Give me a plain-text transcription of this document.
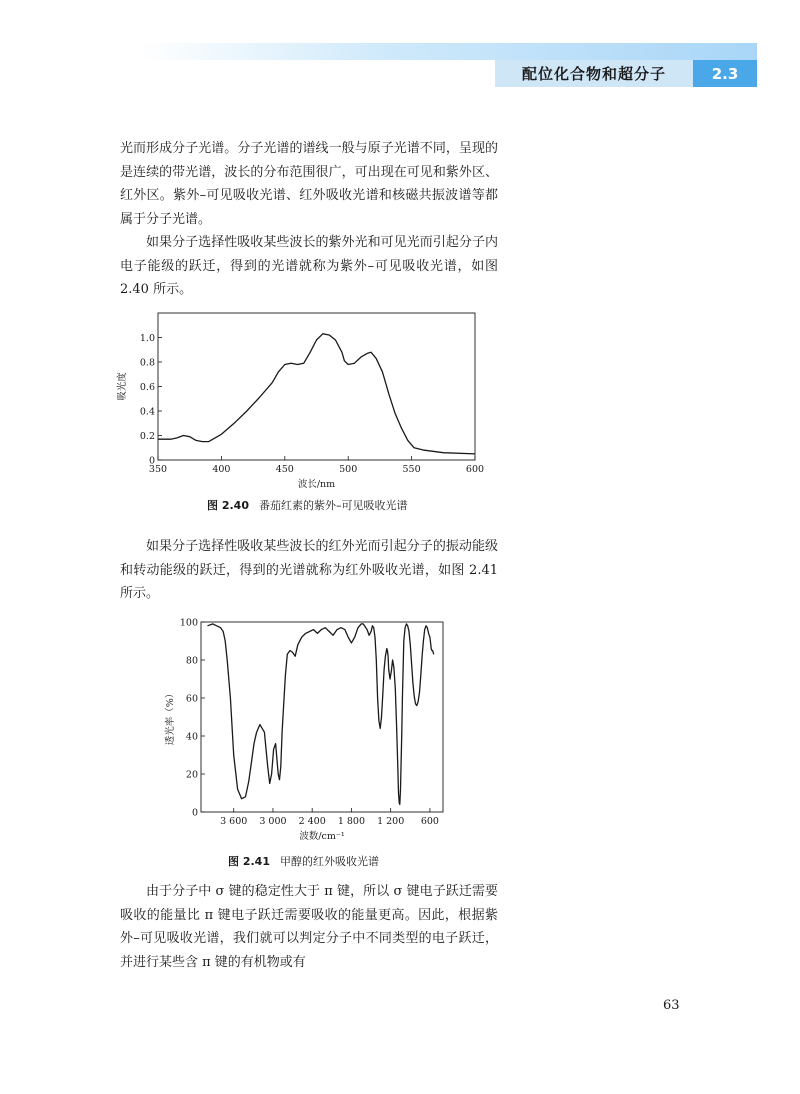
配位化合物和超分子	2.3

光而形成分子光谱。分子光谱的谱线一般与原子光谱不同，呈现的是连续的带光谱，波长的分布范围很广，可出现在可见和紫外区、红外区。紫外–可见吸收光谱、红外吸收光谱和核磁共振波谱等都属于分子光谱。

如果分子选择性吸收某些波长的紫外光和可见光而引起分子内电子能级的跃迁，得到的光谱就称为紫外–可见吸收光谱，如图 2.40 所示。

350	400	450	500	550	600
0
0.2
0.4
0.6
0.8
1.0
波长/nm
吸光度
图 2.40 番茄红素的紫外–可见吸收光谱

如果分子选择性吸收某些波长的红外光而引起分子的振动能级和转动能级的跃迁，得到的光谱就称为红外吸收光谱，如图 2.41 所示。

3 600 3 000 2 400 1 800 1 200 600
0
20
40
60
80
100
波数/cm⁻¹
透光率（%）
图 2.41 甲醇的红外吸收光谱

由于分子中 σ 键的稳定性大于 π 键，所以 σ 键电子跃迁需要吸收的能量比 π 键电子跃迁需要吸收的能量更高。因此，根据紫外–可见吸收光谱，我们就可以判定分子中不同类型的电子跃迁，并进行某些含 π 键的有机物或有

63
